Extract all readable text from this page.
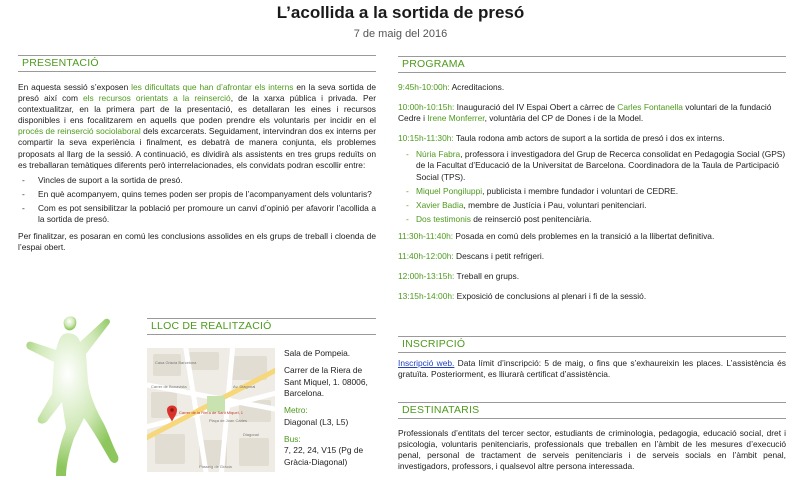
L’acollida a la sortida de presó
7 de maig del 2016
PRESENTACIÓ

En aquesta sessió s’exposen les dificultats que han d’afrontar els interns en la seva sortida de presó així com els recursos orientats a la reinserció, de la xarxa pública i privada. Per contextualitzar, en la primera part de la presentació, es detallaran les eines i recursos disponibles i ens focalitzarem en aquells que poden prendre els voluntaris per incidir en el procés de reinserció sociolaboral dels excarcerats. Seguidament, intervindran dos ex interns per compartir la seva experiència i finalment, es debatrà de manera conjunta, els problemes proposats al llarg de la sessió. A continuació, es dividirà als assistents en tres grups reduïts on es treballaran temàtiques diferents però interrelacionades, els convidats podran escollir entre:

- Vincles de suport a la sortida de presó.
- En què acompanyem, quins temes poden ser propis de l’acompanyament dels voluntaris?
- Com es pot sensibilitzar la població per promoure un canvi d’opinió per afavorir l’acollida a la sortida de presó.

Per finalitzar, es posaran en comú les conclusions assolides en els grups de treball i cloenda de l’espai obert.

LLOC DE REALITZACIÓ
Casa Gràcia Barcelona
Plaça de Joan Carles
Av. Diagonal
Carrer de Bonavista
Passeig de Gràcia
Diagonal
Carrer de la Riera de Sant Miquel, 1
Sala de Pompeia.
Carrer de la Riera de Sant Miquel, 1. 08006, Barcelona.
Metro:
Diagonal (L3, L5)
Bus:
7, 22, 24, V15 (Pg de Gràcia-Diagonal)
PROGRAMA
9:45h-10:00h: Acreditacions.
10:00h-10:15h: Inauguració del IV Espai Obert a càrrec de Carles Fontanella voluntari de la fundació Cedre i Irene Monferrer, voluntària del CP de Dones i de la Model.
10:15h-11:30h: Taula rodona amb actors de suport a la sortida de presó i dos ex interns.
- Núria Fabra, professora i investigadora del Grup de Recerca consolidat en Pedagogia Social (GPS) de la Facultat d’Educació de la Universitat de Barcelona. Coordinadora de la Taula de Participació Social (TPS).
- Miquel Pongiluppi, publicista i membre fundador i voluntari de CEDRE.
- Xavier Badia, membre de Justícia i Pau, voluntari penitenciari.
- Dos testimonis de reinserció post penitenciària.
11:30h-11:40h: Posada en comú dels problemes en la transició a la llibertat definitiva.
11:40h-12:00h: Descans i petit refrigeri.
12:00h-13:15h: Treball en grups.
13:15h-14:00h: Exposició de conclusions al plenari i fi de la sessió.
INSCRIPCIÓ
Inscripció web. Data límit d’inscripció: 5 de maig, o fins que s’exhaureixin les places. L’assistència és gratuïta. Posteriorment, es lliurarà certificat d’assistència.
DESTINATARIS
Professionals d’entitats del tercer sector, estudiants de criminologia, pedagogia, educació social, dret i psicologia, voluntaris penitenciaris, professionals que treballen en l’àmbit de les mesures d’execució penal, personal de tractament de serveis penitenciaris i de serveis socials en l’àmbit penal, investigadors, professors, i qualsevol altre persona interessada.
